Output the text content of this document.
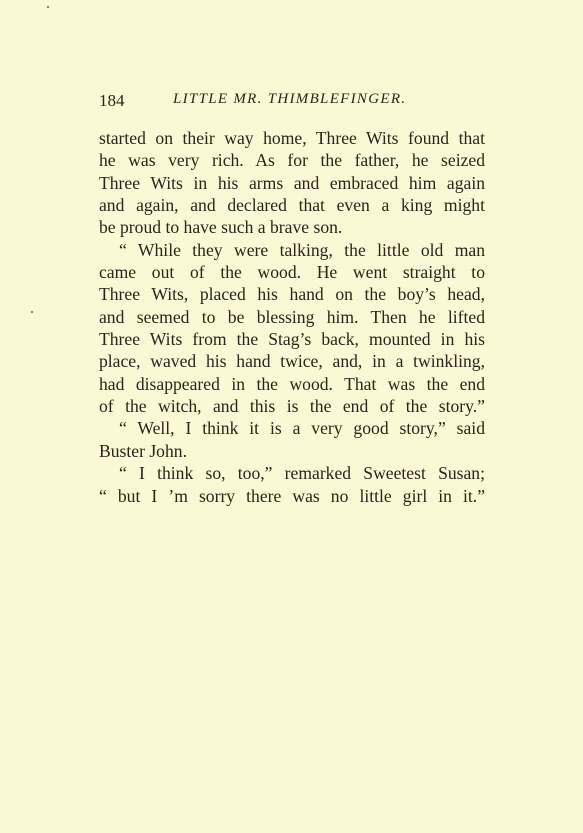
184	LITTLE MR. THIMBLEFINGER.
started on their way home, Three Wits found that
he was very rich. As for the father, he seized
Three Wits in his arms and embraced him again
and again, and declared that even a king might
be proud to have such a brave son.
“ While they were talking, the little old man
came out of the wood. He went straight to
Three Wits, placed his hand on the boy’s head,
and seemed to be blessing him. Then he lifted
Three Wits from the Stag’s back, mounted in his
place, waved his hand twice, and, in a twinkling,
had disappeared in the wood. That was the end
of the witch, and this is the end of the story.”
“ Well, I think it is a very good story,” said
Buster John.
“ I think so, too,” remarked Sweetest Susan;
“ but I ’m sorry there was no little girl in it.”
